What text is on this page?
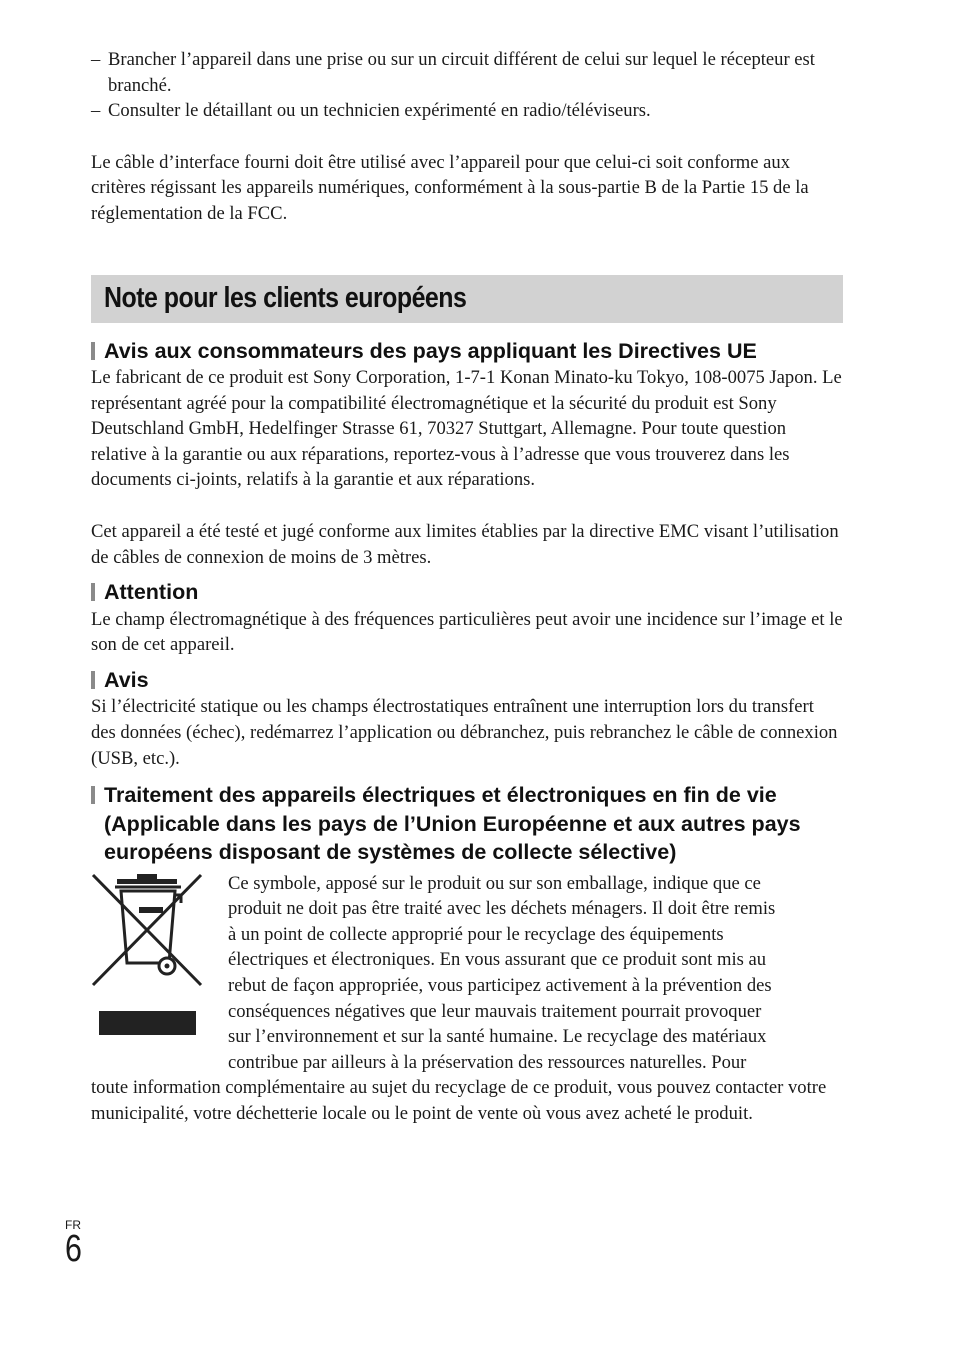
– Brancher l’appareil dans une prise ou sur un circuit différent de celui sur lequel le récepteur est branché.
– Consulter le détaillant ou un technicien expérimenté en radio/téléviseurs.

Le câble d’interface fourni doit être utilisé avec l’appareil pour que celui-ci soit conforme aux critères régissant les appareils numériques, conformément à la sous-partie B de la Partie 15 de la réglementation de la FCC.

Note pour les clients européens
Avis aux consommateurs des pays appliquant les Directives UE

Le fabricant de ce produit est Sony Corporation, 1-7-1 Konan Minato-ku Tokyo, 108-0075 Japon. Le représentant agréé pour la compatibilité électromagnétique et la sécurité du produit est Sony Deutschland GmbH, Hedelfinger Strasse 61, 70327 Stuttgart, Allemagne. Pour toute question relative à la garantie ou aux réparations, reportez-vous à l’adresse que vous trouverez dans les documents ci-joints, relatifs à la garantie et aux réparations.

Cet appareil a été testé et jugé conforme aux limites établies par la directive EMC visant l’utilisation de câbles de connexion de moins de 3 mètres.

Attention

Le champ électromagnétique à des fréquences particulières peut avoir une incidence sur l’image et le son de cet appareil.

Avis

Si l’électricité statique ou les champs électrostatiques entraînent une interruption lors du transfert des données (échec), redémarrez l’application ou débranchez, puis rebranchez le câble de connexion (USB, etc.).

Traitement des appareils électriques et électroniques en fin de vie (Applicable dans les pays de l’Union Européenne et aux autres pays européens disposant de systèmes de collecte sélective)

Ce symbole, apposé sur le produit ou sur son emballage, indique que ce

produit ne doit pas être traité avec les déchets ménagers. Il doit être remis

à un point de collecte approprié pour le recyclage des équipements

électriques et électroniques. En vous assurant que ce produit sont mis au

rebut de façon appropriée, vous participez activement à la prévention des

conséquences négatives que leur mauvais traitement pourrait provoquer

sur l’environnement et sur la santé humaine. Le recyclage des matériaux

contribue par ailleurs à la préservation des ressources naturelles. Pour

toute information complémentaire au sujet du recyclage de ce produit, vous pouvez contacter votre municipalité, votre déchetterie locale ou le point de vente où vous avez acheté le produit.

FR
6
